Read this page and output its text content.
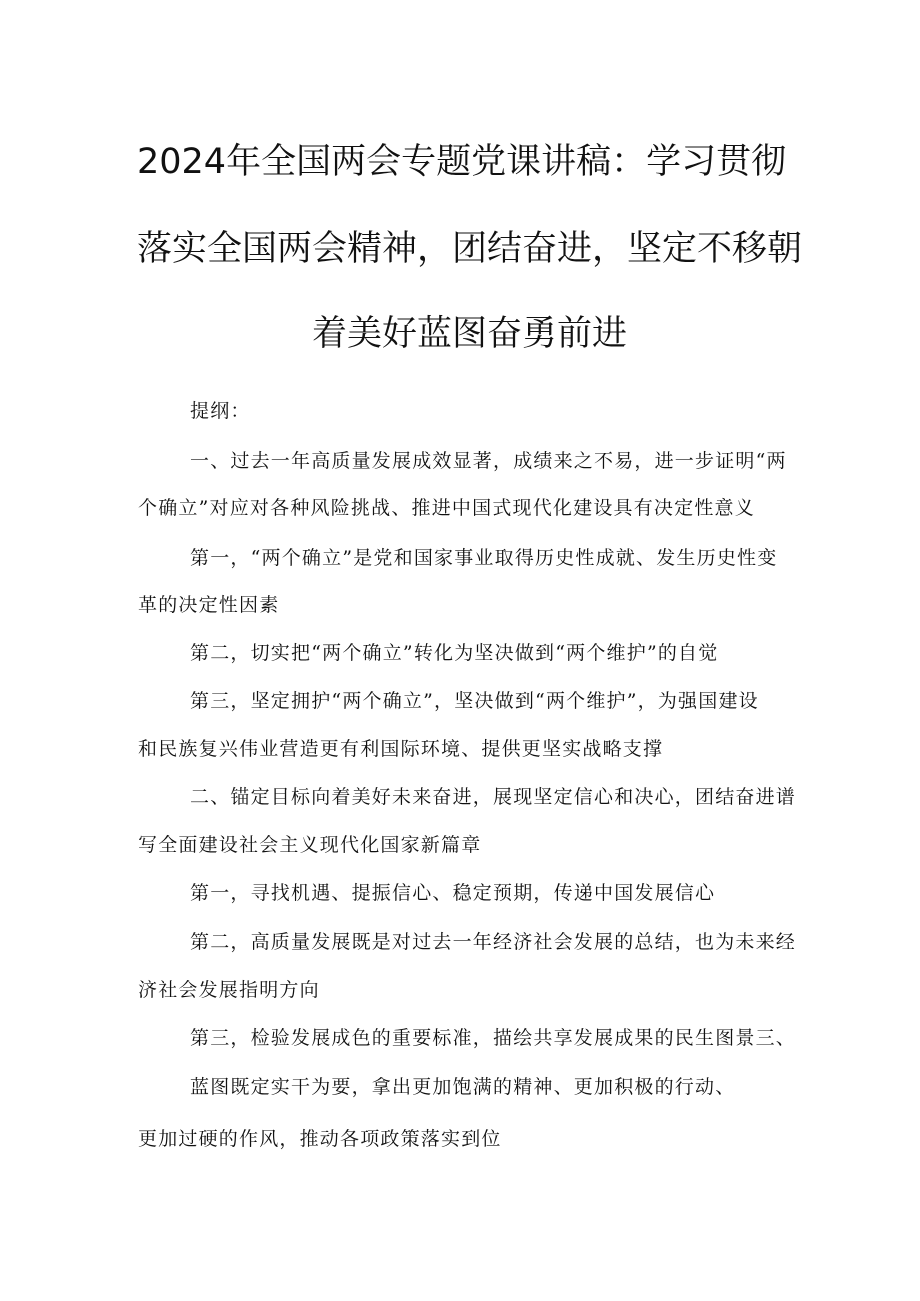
2024年全国两会专题党课讲稿：学习贯彻
落实全国两会精神，团结奋进，坚定不移朝
着美好蓝图奋勇前进
提纲：
一、过去一年高质量发展成效显著，成绩来之不易，进一步证明“两
个确立”对应对各种风险挑战、推进中国式现代化建设具有决定性意义
第一，“两个确立”是党和国家事业取得历史性成就、发生历史性变
革的决定性因素
第二，切实把“两个确立”转化为坚决做到“两个维护”的自觉
第三，坚定拥护“两个确立”，坚决做到“两个维护”，为强国建设
和民族复兴伟业营造更有利国际环境、提供更坚实战略支撑
二、锚定目标向着美好未来奋进，展现坚定信心和决心，团结奋进谱
写全面建设社会主义现代化国家新篇章
第一，寻找机遇、提振信心、稳定预期，传递中国发展信心
第二，高质量发展既是对过去一年经济社会发展的总结，也为未来经
济社会发展指明方向
第三，检验发展成色的重要标准，描绘共享发展成果的民生图景三、
蓝图既定实干为要，拿出更加饱满的精神、更加积极的行动、
更加过硬的作风，推动各项政策落实到位
